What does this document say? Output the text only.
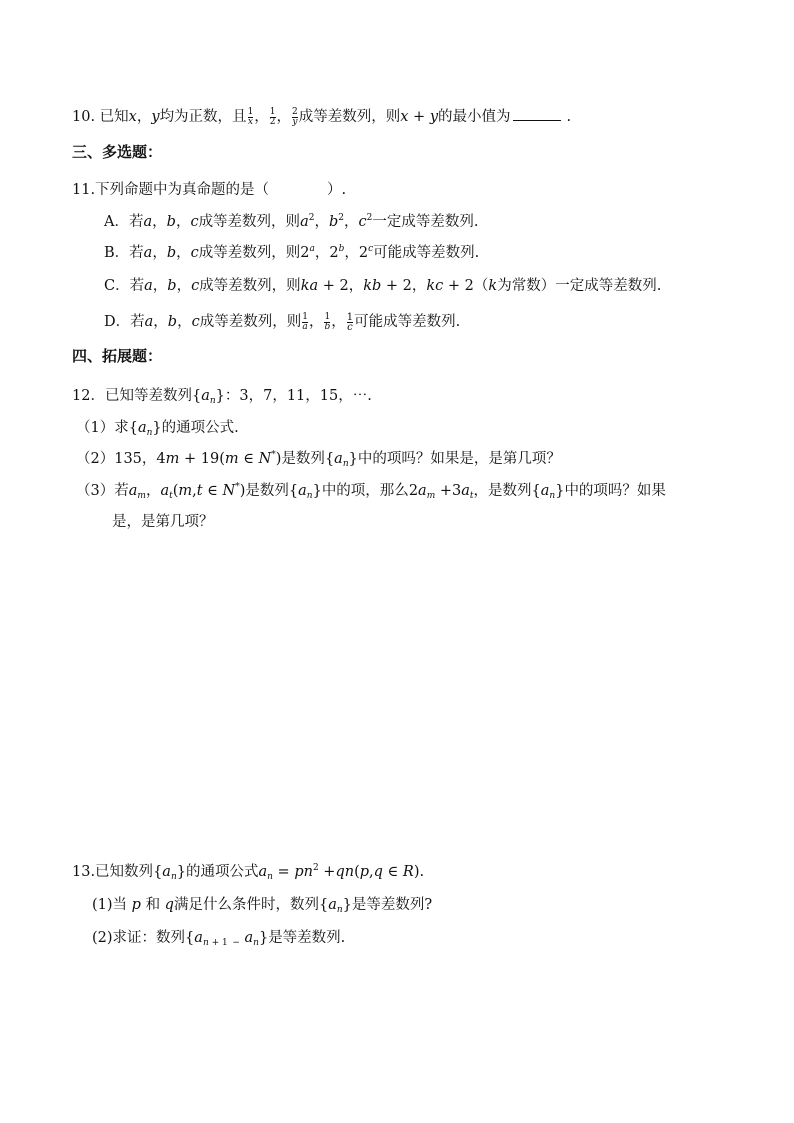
10. 已知x，y均为正数，且 $\frac{1}{x}$ ， $\frac{1}{2}$ ， $\frac{2}{y}$ 成等差数列，则x + y的最小值为	.
三、多选题：
11.下列命题中为真命题的是（　　　　）.
A．若a，b，c成等差数列，则$a^2$，$b^2$，$c^2$一定成等差数列.
B．若a，b，c成等差数列，则2$^a$，2$^b$，2$^c$可能成等差数列.
C．若a，b，c成等差数列，则ka + 2，kb + 2，kc + 2（k为常数）一定成等差数列.
D．若a，b，c成等差数列，则 $\frac{1}{a}$ ， $\frac{1}{b}$ ， $\frac{1}{c}$ 可能成等差数列.
四、拓展题：
12．已知等差数列$\{a_n\}$：3，7，11，15，⋯.
（1）求$\{a_n\}$的通项公式.
（2）135，4m + 19(m ∈ N*)是数列$\{a_n\}$中的项吗？如果是，是第几项？
（3）若$a_m$，$a_t(m,t$ ∈ N*)是数列$\{a_n\}$中的项，那么$2a_m +3a_t$，是数列$\{a_n\}$中的项吗？如果
是，是第几项？
13.已知数列$\{a_n\}$的通项公式$a_n = pn^2 +qn(p,q$ ∈ R).
(1)当 p 和 q满足什么条件时，数列$\{a_n\}$是等差数列?
(2)求证：数列{$a_n$ $_{+ 1}$ $_-$ $a_n$}是等差数列.
